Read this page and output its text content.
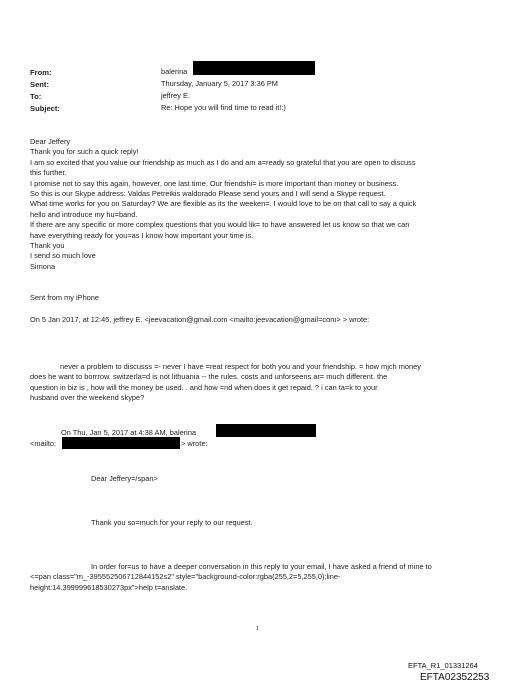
From:	balerina
Sent:	Thursday, January 5, 2017 3:36 PM
To:	jeffrey E.
Subject:	Re: Hope you will find time to read it!:)
Dear Jeffery
Thank you for such a quick reply!
I am so excited that you value our friendship as much as I do and am a=ready so grateful that you are open to discuss
this further.
I promise not to say this again, however, one last time. Our friendshi= is more important than money or business.
So this is our Skype address: Valdas Petreikis waldorado Please send yours and I will send a Skype request.
What time works for you on Saturday? We are flexible as its the weeken=. I would love to be on that call to say a quick
hello and introduce my hu=band.
If there are any specific or more complex questions that you would lik= to have answered let us know so that we can
have everything ready for you=as I know how important your time is.
Thank you
I send so much love
Simona
Sent from my iPhone
On 5 Jan 2017, at 12:45, jeffrey E. <jeevacation@gmail.com <mailto:jeevacation@gmail=com> > wrote:
never a problem to discusss =- never I have =reat respect for both you and your friendship. = how mjch money
does he want to borrrow. switzerla=d is not lithuania -- the rules. costs and unforseens ar= much different. the
question in biz is , how will the money be used. . and how =nd when does it get repaid. ? i can ta=k to your
husband over the weekend skype?
On Thu, Jan 5, 2017 at 4:38 AM, balerina
<mailto:	> wrote:
Dear Jeffery=/span>
Thank you so=much for your reply to our request.
In order for=us to have a deeper conversation in this reply to your email, I have asked a friend of mine to
<=pan class="m_-395552506712844152s2" style="background-color:rgba(255,2=5,255,0);line-
height:14.399999618530273px">help t=anslate.
1
EFTA_R1_01331264
EFTA02352253
